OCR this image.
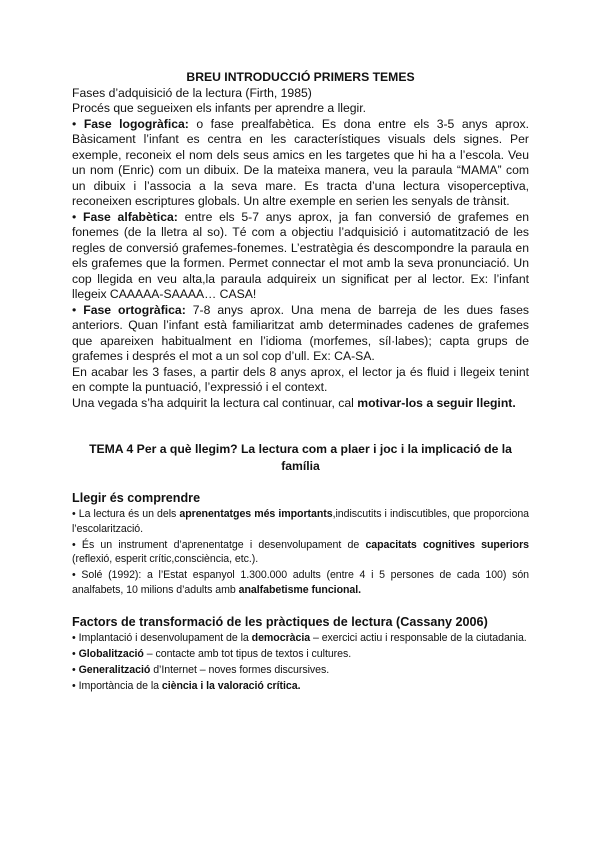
BREU INTRODUCCIÓ PRIMERS TEMES

Fases d’adquisició de la lectura (Firth, 1985)

Procés que segueixen els infants per aprendre a llegir.

• Fase logogràfica: o fase prealfabètica. Es dona entre els 3-5 anys aprox. Bàsicament l’infant es centra en les característiques visuals dels signes. Per exemple, reconeix el nom dels seus amics en les targetes que hi ha a l’escola. Veu un nom (Enric) com un dibuix. De la mateixa manera, veu la paraula “MAMA” com un dibuix i l’associa a la seva mare. Es tracta d’una lectura visoperceptiva, reconeixen escriptures globals. Un altre exemple en serien les senyals de trànsit.

• Fase alfabètica: entre els 5-7 anys aprox, ja fan conversió de grafemes en fonemes (de la lletra al so). Té com a objectiu l’adquisició i automatització de les regles de conversió grafemes-fonemes. L’estratègia és descompondre la paraula en els grafemes que la formen. Permet connectar el mot amb la seva pronunciació. Un cop llegida en veu alta,la paraula adquireix un significat per al lector. Ex: l’infant llegeix CAAAAA-SAAAA… CASA!

• Fase ortogràfica: 7-8 anys aprox. Una mena de barreja de les dues fases anteriors. Quan l’infant està familiaritzat amb determinades cadenes de grafemes que apareixen habitualment en l’idioma (morfemes, síl·labes); capta grups de grafemes i després el mot a un sol cop d’ull. Ex: CA-SA.

En acabar les 3 fases, a partir dels 8 anys aprox, el lector ja és fluid i llegeix tenint en compte la puntuació, l’expressió i el context.

Una vegada s’ha adquirit la lectura cal continuar, cal motivar-los a seguir llegint.

TEMA 4 Per a què llegim? La lectura com a plaer i joc i la implicació de la família

Llegir és comprendre

• La lectura és un dels aprenentatges més importants,indiscutits i indiscutibles, que proporciona l’escolarització.

• És un instrument d’aprenentatge i desenvolupament de capacitats cognitives superiors (reflexió, esperit crític,consciència, etc.).

• Solé (1992): a l’Estat espanyol 1.300.000 adults (entre 4 i 5 persones de cada 100) són analfabets, 10 milions d’adults amb analfabetisme funcional.

Factors de transformació de les pràctiques de lectura (Cassany 2006)

• Implantació i desenvolupament de la democràcia – exercici actiu i responsable de la ciutadania.

• Globalització – contacte amb tot tipus de textos i cultures.

• Generalització d’Internet – noves formes discursives.

• Importància de la ciència i la valoració crítica.
